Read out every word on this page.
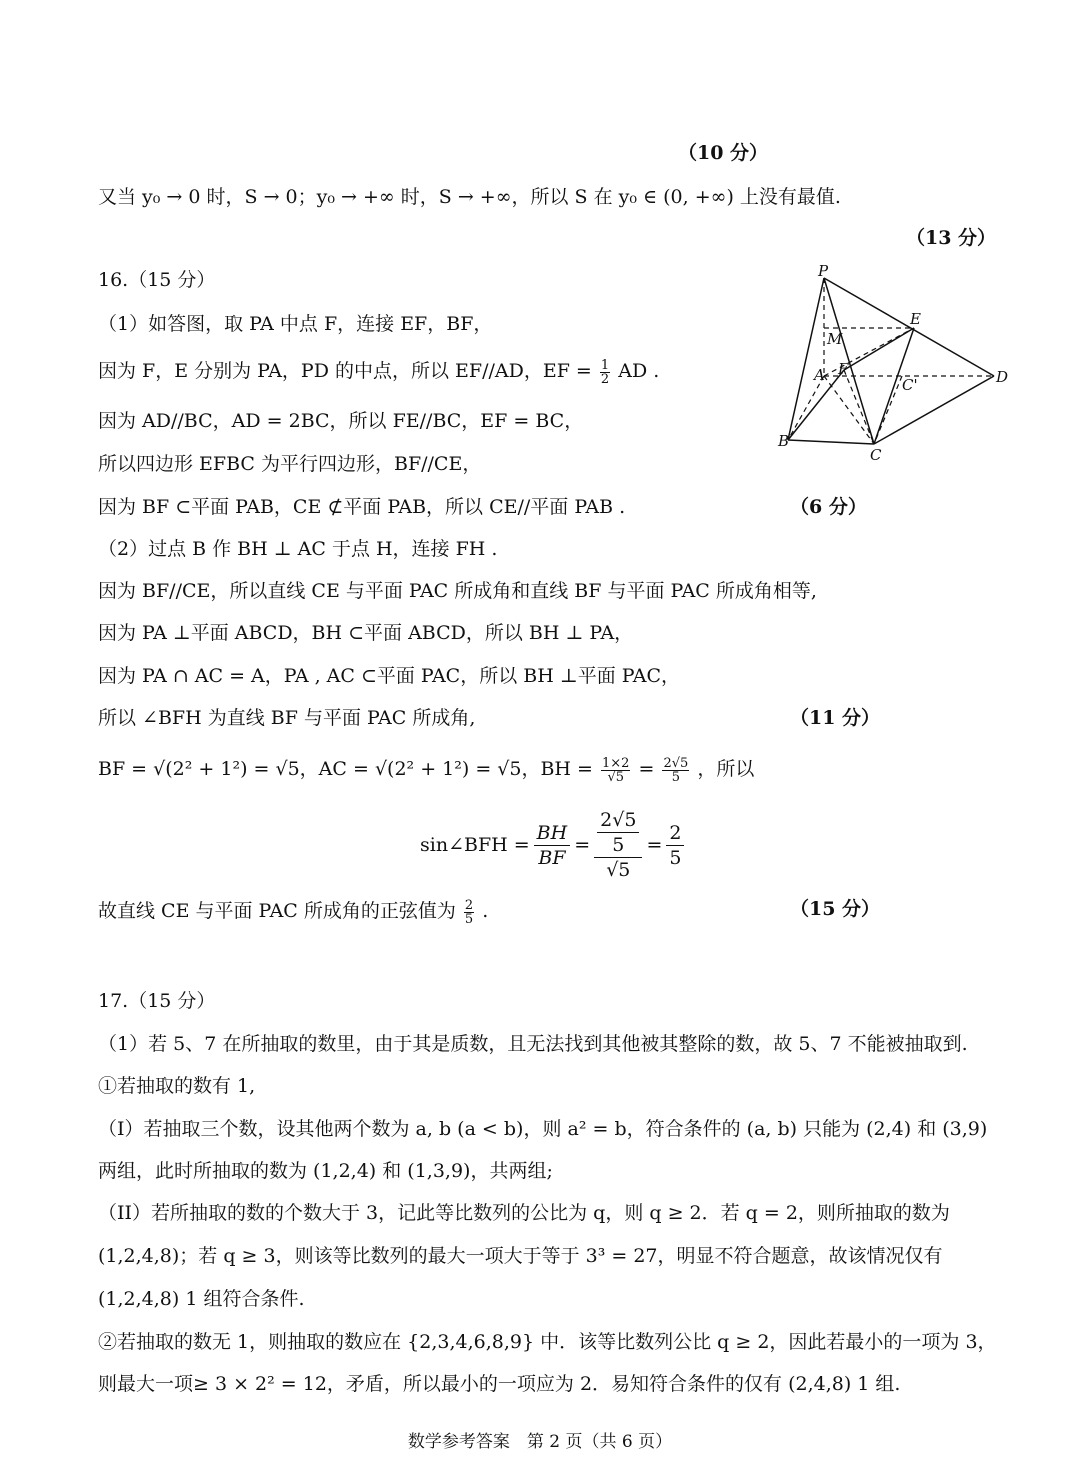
（10 分）
又当 y₀ → 0 时，S → 0；y₀ → +∞ 时，S → +∞，所以 S 在 y₀ ∈ (0, +∞) 上没有最值.
（13 分）
16.（15 分）
（1）如答图，取 PA 中点 F，连接 EF，BF，
因为 F，E 分别为 PA，PD 的中点，所以 EF//AD，EF = $\frac{1}{2}$ AD .
因为 AD//BC，AD = 2BC，所以 FE//BC，EF = BC，
所以四边形 EFBC 为平行四边形，BF//CE，
因为 BF ⊂平面 PAB，CE ⊄平面 PAB，所以 CE//平面 PAB .	（6 分）
（2）过点 B 作 BH ⊥ AC 于点 H，连接 FH .
因为 BF//CE，所以直线 CE 与平面 PAC 所成角和直线 BF 与平面 PAC 所成角相等,
因为 PA ⊥平面 ABCD，BH ⊂平面 ABCD，所以 BH ⊥ PA，
因为 PA ∩ AC = A，PA , AC ⊂平面 PAC，所以 BH ⊥平面 PAC，
所以 ∠BFH 为直线 BF 与平面 PAC 所成角,	（11 分）
BF = √(2² + 1²) = √5，AC = √(2² + 1²) = √5，BH = $\frac{1\times 2}{√5} = \frac{2√5}{5}$ ，所以
sin∠BFH = $\frac{BH}{BF} = \frac{\frac{2√5}{5}}{√5} = \frac{2}{5}$
故直线 CE 与平面 PAC 所成角的正弦值为 $\frac{2}{5}$ .	（15 分）
17.（15 分）
（1）若 5、7 在所抽取的数里，由于其是质数，且无法找到其他被其整除的数，故 5、7 不能被抽取到.
①若抽取的数有 1,
（I）若抽取三个数，设其他两个数为 a, b (a < b)，则 a² = b，符合条件的 (a, b) 只能为 (2,4) 和 (3,9)
两组，此时所抽取的数为 (1,2,4) 和 (1,3,9)，共两组;
（II）若所抽取的数的个数大于 3，记此等比数列的公比为 q，则 q ≥ 2．若 q = 2，则所抽取的数为
(1,2,4,8)；若 q ≥ 3，则该等比数列的最大一项大于等于 3³ = 27，明显不符合题意，故该情况仅有
(1,2,4,8) 1 组符合条件.
②若抽取的数无 1，则抽取的数应在 {2,3,4,6,8,9} 中．该等比数列公比 q ≥ 2，因此若最小的一项为 3，
则最大一项≥ 3 × 2² = 12，矛盾，所以最小的一项应为 2．易知符合条件的仅有 (2,4,8) 1 组.
P
E
M
A F
C'	D
B
C
数学参考答案　第 2 页（共 6 页）
